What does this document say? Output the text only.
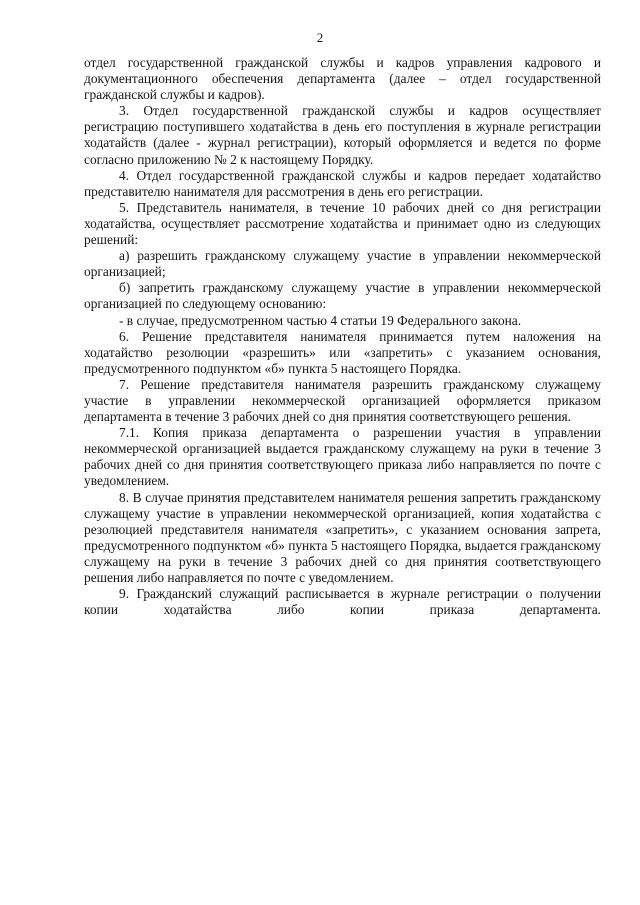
2

отдел государственной гражданской службы и кадров управления кадрового и документационного обеспечения департамента (далее – отдел государственной гражданской службы и кадров).

3. Отдел государственной гражданской службы и кадров осуществляет регистрацию поступившего ходатайства в день его поступления в журнале регистрации ходатайств (далее - журнал регистрации), который оформляется и ведется по форме согласно приложению № 2 к настоящему Порядку.

4. Отдел государственной гражданской службы и кадров передает ходатайство представителю нанимателя для рассмотрения в день его регистрации.

5. Представитель нанимателя, в течение 10 рабочих дней со дня регистрации ходатайства, осуществляет рассмотрение ходатайства и принимает одно из следующих решений:

а) разрешить гражданскому служащему участие в управлении некоммерческой организацией;

б) запретить гражданскому служащему участие в управлении некоммерческой организацией по следующему основанию:

- в случае, предусмотренном частью 4 статьи 19 Федерального закона.

6. Решение представителя нанимателя принимается путем наложения на ходатайство резолюции «разрешить» или «запретить» с указанием основания, предусмотренного подпунктом «б» пункта 5 настоящего Порядка.

7. Решение представителя нанимателя разрешить гражданскому служащему участие в управлении некоммерческой организацией оформляется приказом департамента в течение 3 рабочих дней со дня принятия соответствующего решения.

7.1. Копия приказа департамента о разрешении участия в управлении некоммерческой организацией выдается гражданскому служащему на руки в течение 3 рабочих дней со дня принятия соответствующего приказа либо направляется по почте с уведомлением.

8. В случае принятия представителем нанимателя решения запретить гражданскому служащему участие в управлении некоммерческой организацией, копия ходатайства с резолюцией представителя нанимателя «запретить», с указанием основания запрета, предусмотренного подпунктом «б» пункта 5 настоящего Порядка, выдается гражданскому служащему на руки в течение 3 рабочих дней со дня принятия соответствующего решения либо направляется по почте с уведомлением.

9. Гражданский служащий расписывается в журнале регистрации о получении копии ходатайства либо копии приказа департамента.
